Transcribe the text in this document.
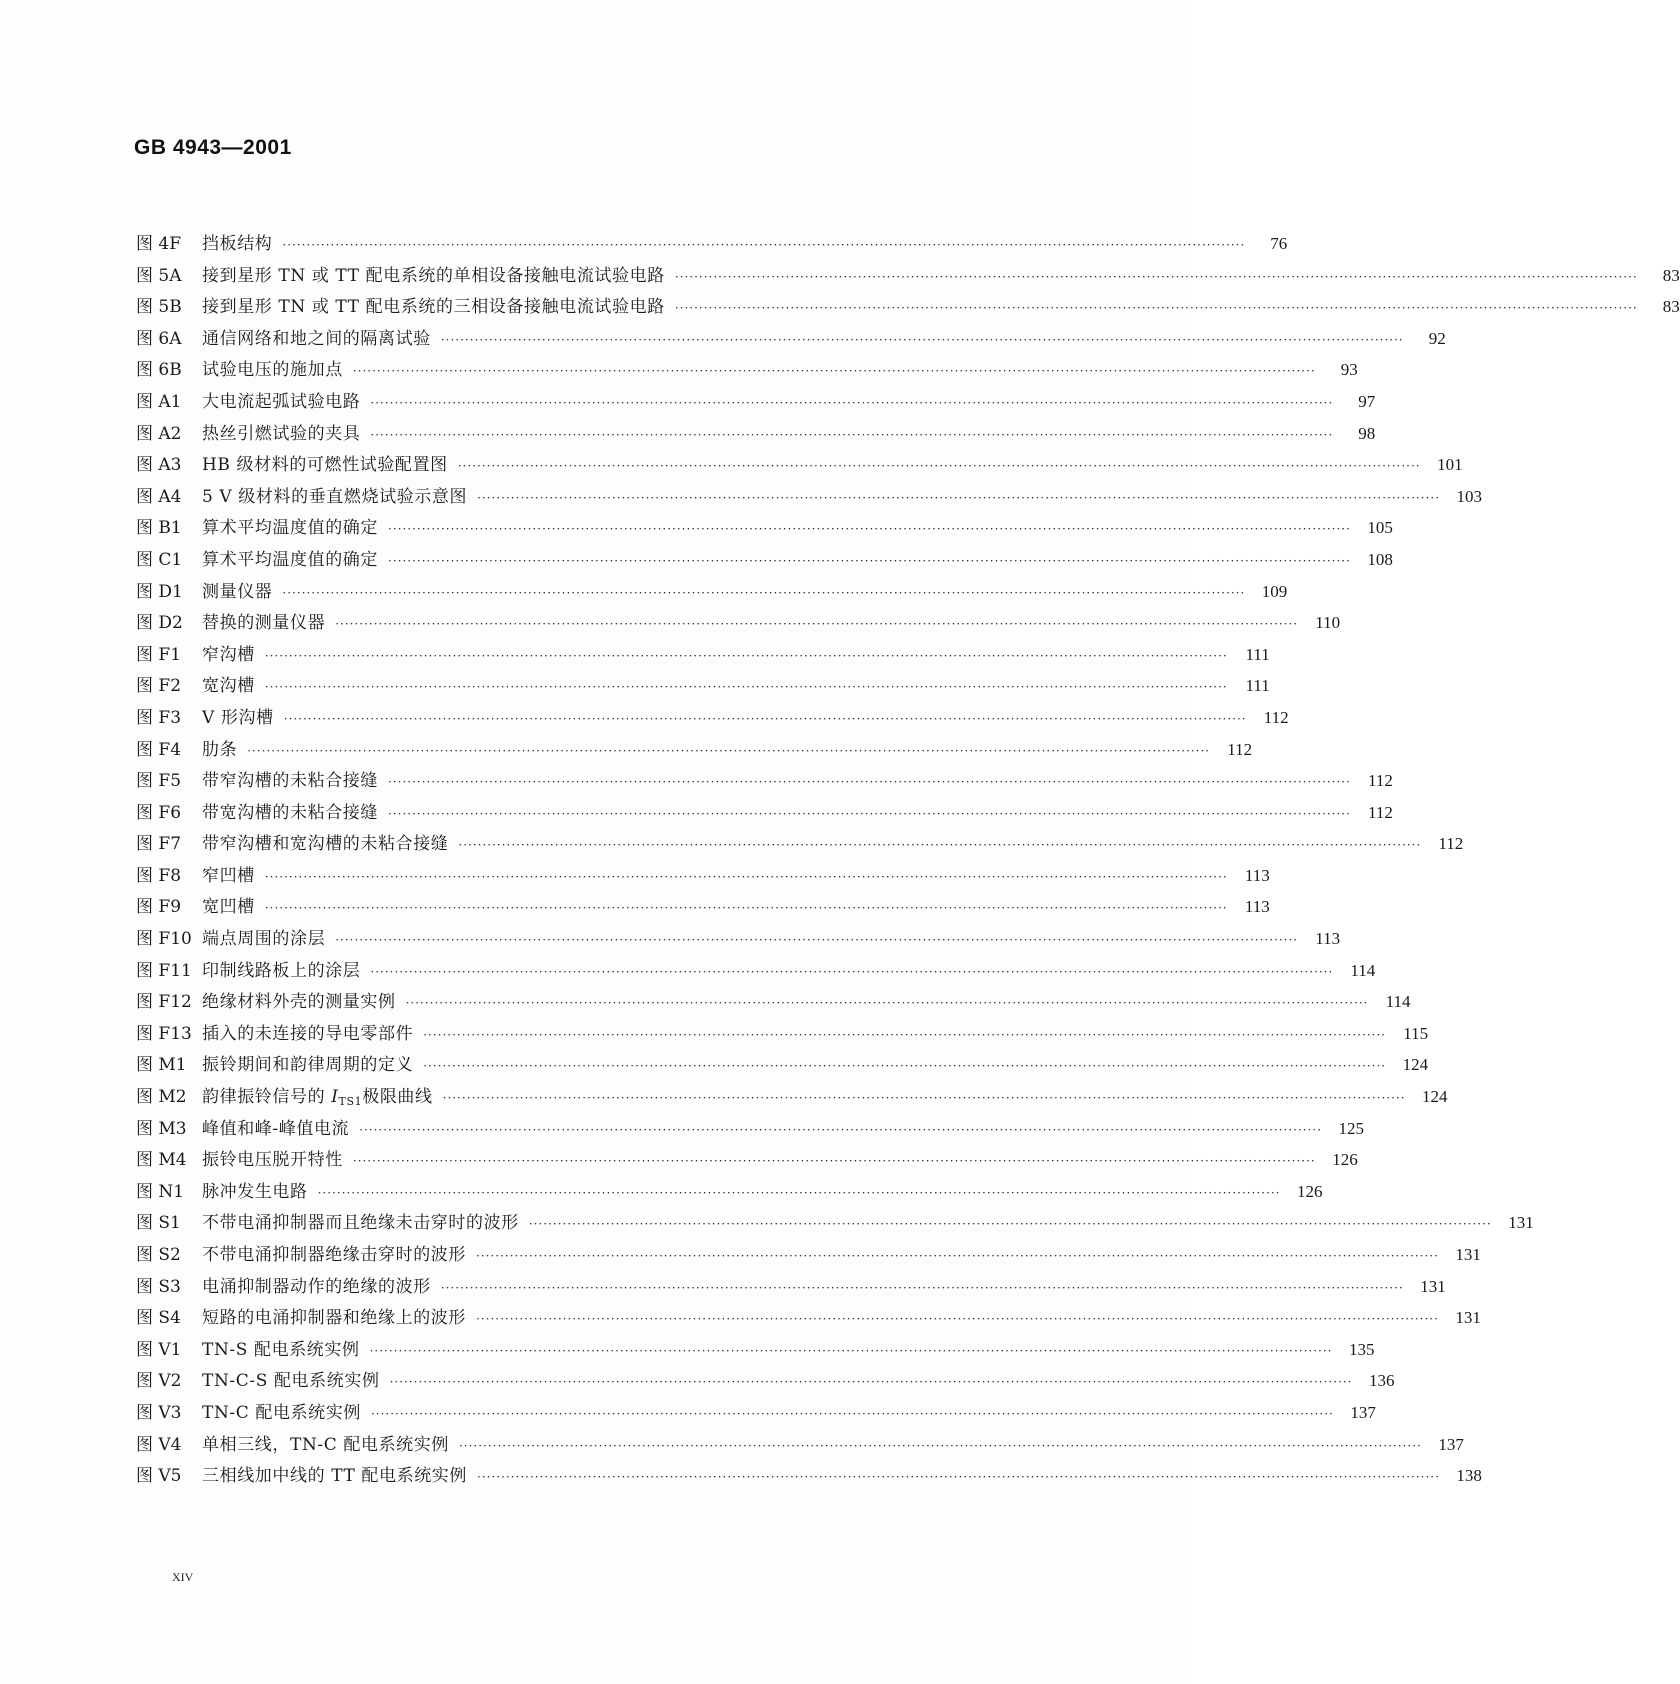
GB 4943—2001
图 4F	挡板结构 ········································································································································································································	76
图 5A	接到星形 TN 或 TT 配电系统的单相设备接触电流试验电路 ········································································································································································································	83
图 5B	接到星形 TN 或 TT 配电系统的三相设备接触电流试验电路 ········································································································································································································	83
图 6A	通信网络和地之间的隔离试验 ········································································································································································································	92
图 6B	试验电压的施加点 ········································································································································································································	93
图 A1	大电流起弧试验电路 ········································································································································································································	97
图 A2	热丝引燃试验的夹具 ········································································································································································································	98
图 A3	HB 级材料的可燃性试验配置图 ········································································································································································································ 101
图 A4	5 V 级材料的垂直燃烧试验示意图 ········································································································································································································ 103
图 B1	算术平均温度值的确定 ········································································································································································································ 105
图 C1	算术平均温度值的确定 ········································································································································································································ 108
图 D1	测量仪器 ········································································································································································································ 109
图 D2	替换的测量仪器 ········································································································································································································	110
图 F1	窄沟槽 ········································································································································································································	111
图 F2	宽沟槽 ········································································································································································································	111
图 F3	V 形沟槽 ········································································································································································································	112
图 F4	肋条 ········································································································································································································	112
图 F5	带窄沟槽的未粘合接缝 ········································································································································································································	112
图 F6	带宽沟槽的未粘合接缝 ········································································································································································································	112
图 F7	带窄沟槽和宽沟槽的未粘合接缝 ········································································································································································································	112
图 F8	窄凹槽 ········································································································································································································	113
图 F9	宽凹槽 ········································································································································································································	113
图 F10 端点周围的涂层 ········································································································································································································	113
图 F11 印制线路板上的涂层 ········································································································································································································	114
图 F12 绝缘材料外壳的测量实例 ········································································································································································································	114
图 F13 插入的未连接的导电零部件 ········································································································································································································	115
图 M1 振铃期间和韵律周期的定义 ········································································································································································································ 124
图 M2 韵律振铃信号的 $I_{TS1}$极限曲线 ········································································································································································································ 124
图 M3 峰值和峰-峰值电流 ········································································································································································································ 125
图 M4 振铃电压脱开特性 ········································································································································································································ 126
图 N1	脉冲发生电路 ········································································································································································································ 126
图 S1	不带电涌抑制器而且绝缘未击穿时的波形 ········································································································································································································ 131
图 S2	不带电涌抑制器绝缘击穿时的波形 ········································································································································································································ 131
图 S3	电涌抑制器动作的绝缘的波形 ········································································································································································································ 131
图 S4	短路的电涌抑制器和绝缘上的波形 ········································································································································································································ 131
图 V1	TN-S 配电系统实例 ········································································································································································································ 135
图 V2	TN-C-S 配电系统实例 ········································································································································································································ 136
图 V3	TN-C 配电系统实例 ········································································································································································································ 137
图 V4	单相三线，TN-C 配电系统实例 ········································································································································································································ 137
图 V5	三相线加中线的 TT 配电系统实例 ········································································································································································································ 138
XIV
